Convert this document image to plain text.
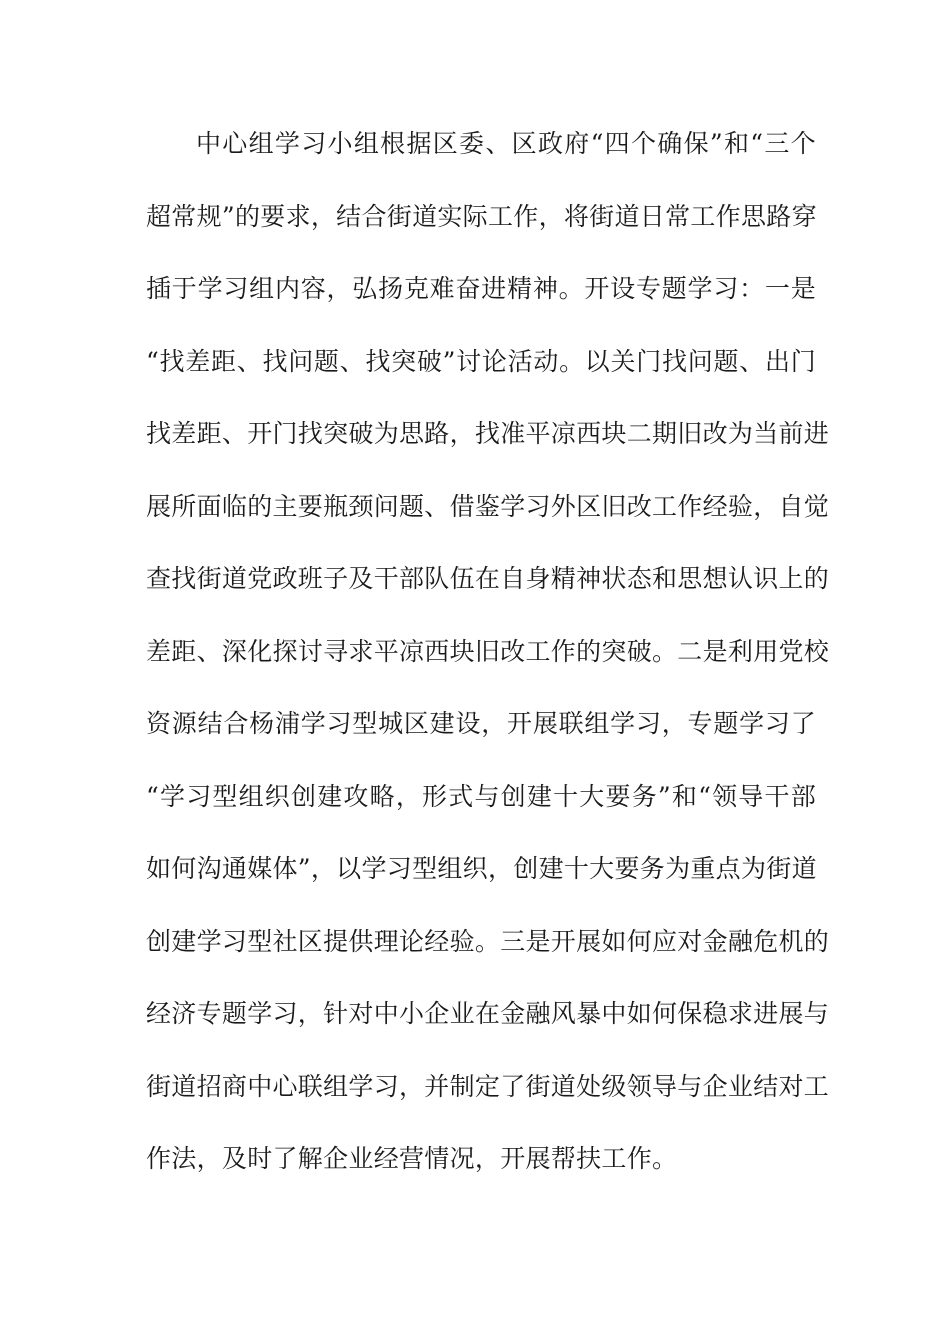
中心组学习小组根据区委、区政府“四个确保”和“三个
超常规”的要求，结合街道实际工作，将街道日常工作思路穿
插于学习组内容，弘扬克难奋进精神。开设专题学习：一是
“找差距、找问题、找突破”讨论活动。以关门找问题、出门
找差距、开门找突破为思路，找准平凉西块二期旧改为当前进
展所面临的主要瓶颈问题、借鉴学习外区旧改工作经验，自觉
查找街道党政班子及干部队伍在自身精神状态和思想认识上的
差距、深化探讨寻求平凉西块旧改工作的突破。二是利用党校
资源结合杨浦学习型城区建设，开展联组学习，专题学习了
“学习型组织创建攻略，形式与创建十大要务”和“领导干部
如何沟通媒体”，以学习型组织，创建十大要务为重点为街道
创建学习型社区提供理论经验。三是开展如何应对金融危机的
经济专题学习，针对中小企业在金融风暴中如何保稳求进展与
街道招商中心联组学习，并制定了街道处级领导与企业结对工
作法，及时了解企业经营情况，开展帮扶工作。
